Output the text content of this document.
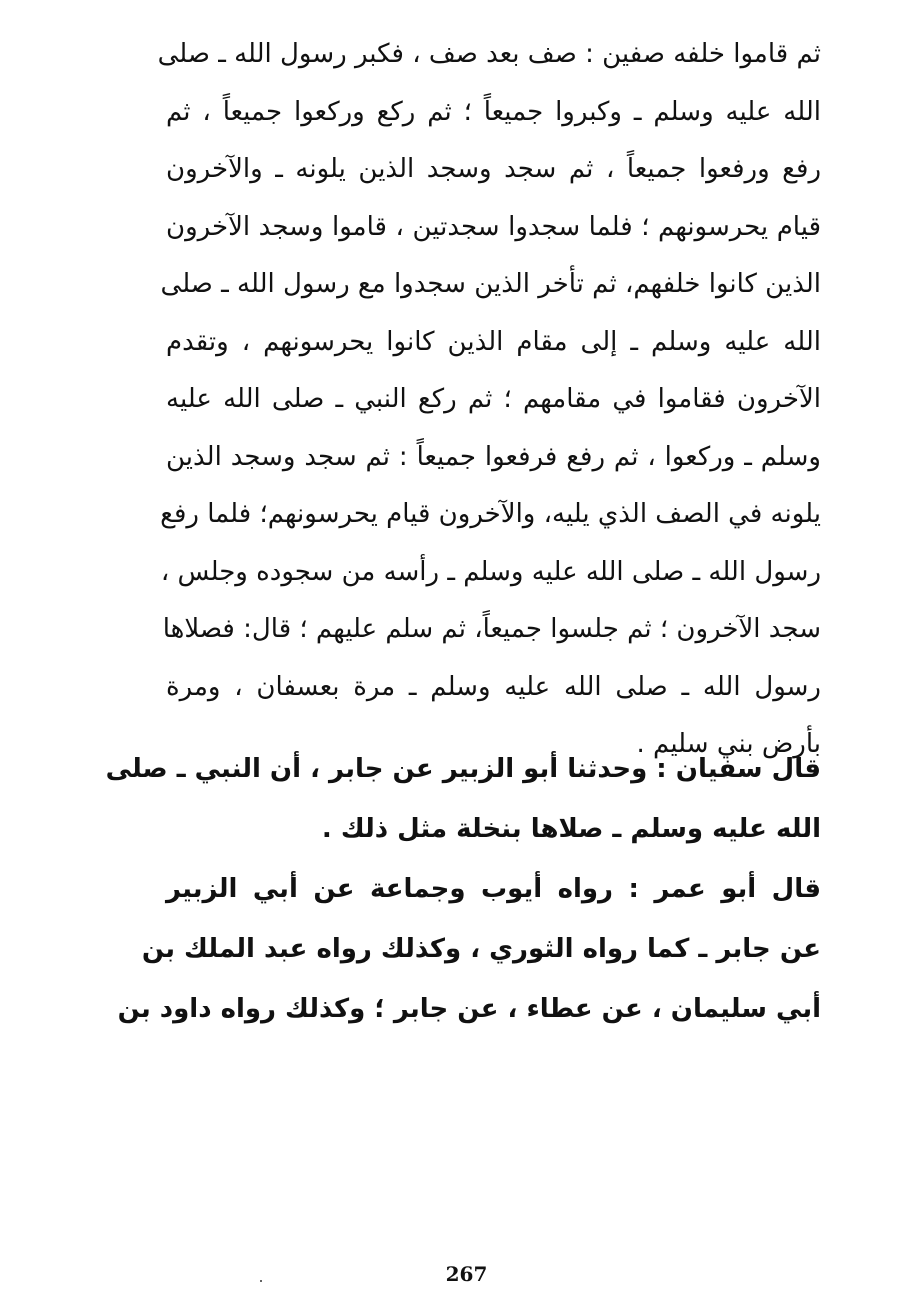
ثم قاموا خلفه صفين : صف بعد صف ، فكبر رسول الله ـ صلى
الله عليه وسلم ـ وكبروا جميعاً ؛ ثم ركع وركعوا جميعاً ، ثم
رفع ورفعوا جميعاً ، ثم سجد وسجد الذين يلونه ـ والآخرون
قيام يحرسونهم ؛ فلما سجدوا سجدتين ، قاموا وسجد الآخرون
الذين كانوا خلفهم، ثم تأخر الذين سجدوا مع رسول الله ـ صلى
الله عليه وسلم ـ إلى مقام الذين كانوا يحرسونهم ، وتقدم
الآخرون فقاموا في مقامهم ؛ ثم ركع النبي ـ صلى الله عليه
وسلم ـ وركعوا ، ثم رفع فرفعوا جميعاً : ثم سجد وسجد الذين
يلونه في الصف الذي يليه، والآخرون قيام يحرسونهم؛ فلما رفع
رسول الله ـ صلى الله عليه وسلم ـ رأسه من سجوده وجلس ،
سجد الآخرون ؛ ثم جلسوا جميعاً، ثم سلم عليهم ؛ قال: فصلاها
رسول الله ـ صلى الله عليه وسلم ـ مرة بعسفان ، ومرة
بأرض بني سليم .
قال سفيان : وحدثنا أبو الزبير عن جابر ، أن النبي ـ صلى
الله عليه وسلم ـ صلاها بنخلة مثل ذلك .
قال أبو عمر : رواه أيوب وجماعة عن أبي الزبير
عن جابر ـ كما رواه الثوري ، وكذلك رواه عبد الملك بن
أبي سليمان ، عن عطاء ، عن جابر ؛ وكذلك رواه داود بن
267
